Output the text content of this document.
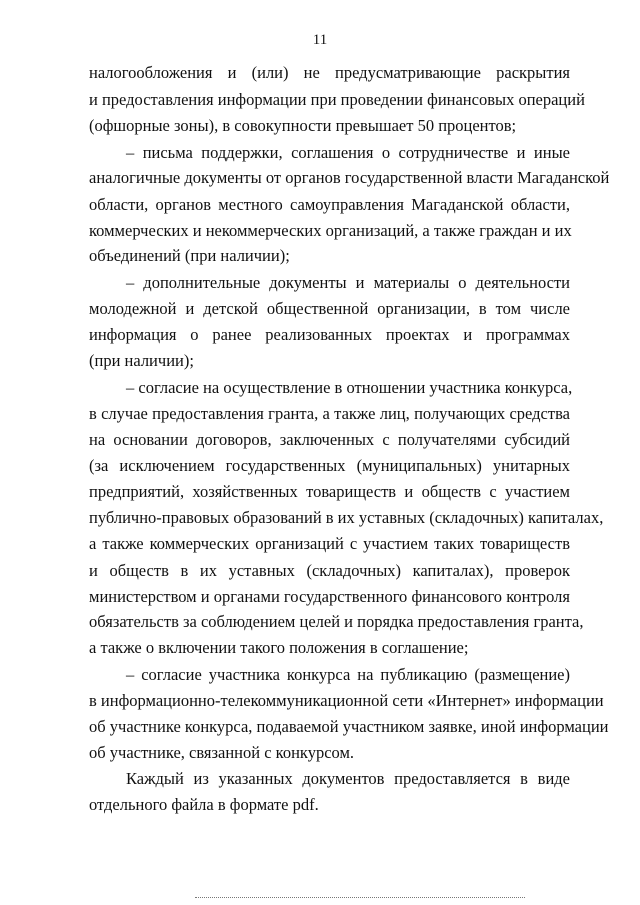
11
налогообложения и (или) не предусматривающие раскрытия
и предоставления информации при проведении финансовых операций
(офшорные зоны), в совокупности превышает 50 процентов;
– письма поддержки, соглашения о сотрудничестве и иные
аналогичные документы от органов государственной власти Магаданской
области, органов местного самоуправления Магаданской области,
коммерческих и некоммерческих организаций, а также граждан и их
объединений (при наличии);
– дополнительные документы и материалы о деятельности
молодежной и детской общественной организации, в том числе
информация о ранее реализованных проектах и программах
(при наличии);
– согласие на осуществление в отношении участника конкурса,
в случае предоставления гранта, а также лиц, получающих средства
на основании договоров, заключенных с получателями субсидий
(за исключением государственных (муниципальных) унитарных
предприятий, хозяйственных товариществ и обществ с участием
публично-правовых образований в их уставных (складочных) капиталах,
а также коммерческих организаций с участием таких товариществ
и обществ в их уставных (складочных) капиталах), проверок
министерством и органами государственного финансового контроля
обязательств за соблюдением целей и порядка предоставления гранта,
а также о включении такого положения в соглашение;
– согласие участника конкурса на публикацию (размещение)
в информационно-телекоммуникационной сети «Интернет» информации
об участнике конкурса, подаваемой участником заявке, иной информации
об участнике, связанной с конкурсом.
Каждый из указанных документов предоставляется в виде
отдельного файла в формате pdf.
